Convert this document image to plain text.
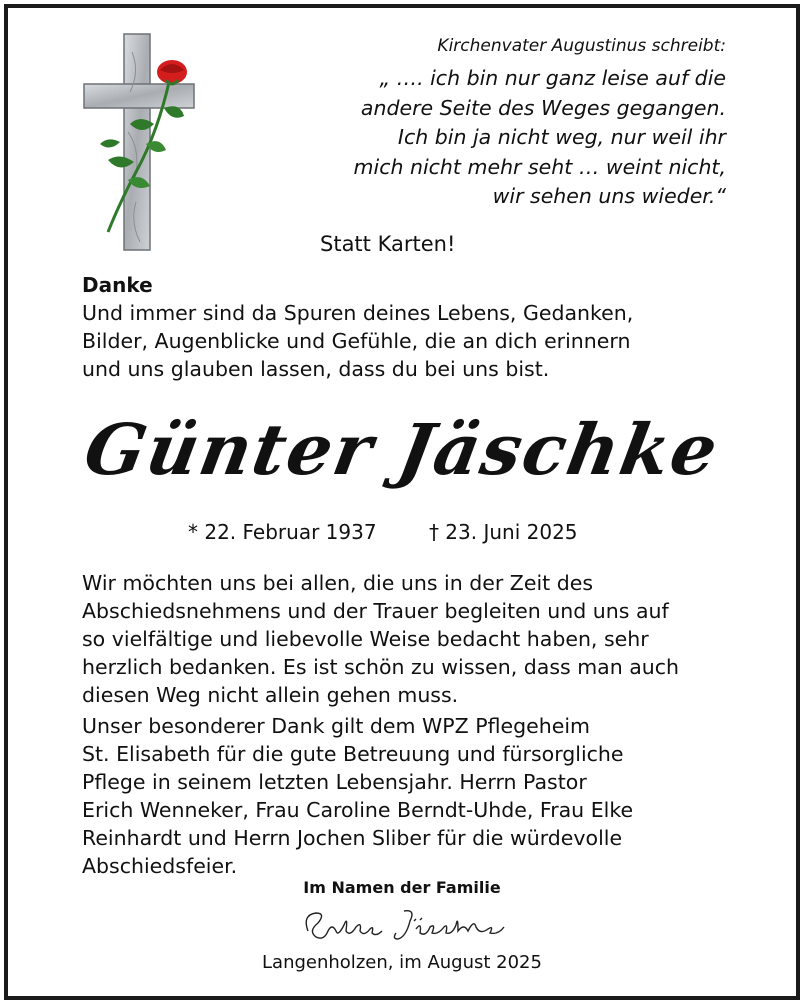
Kirchenvater Augustinus schreibt:
„ …. ich bin nur ganz leise auf die
andere Seite des Weges gegangen.
Ich bin ja nicht weg, nur weil ihr
mich nicht mehr seht … weint nicht,
wir sehen uns wieder.“
Statt Karten!
Danke
Und immer sind da Spuren deines Lebens, Gedanken,
Bilder, Augenblicke und Gefühle, die an dich erinnern
und uns glauben lassen, dass du bei uns bist.
Günter Jäschke
* 22. Februar 1937	† 23. Juni 2025
Wir möchten uns bei allen, die uns in der Zeit des
Abschiedsnehmens und der Trauer begleiten und uns auf
so vielfältige und liebevolle Weise bedacht haben, sehr
herzlich bedanken. Es ist schön zu wissen, dass man auch
diesen Weg nicht allein gehen muss.
Unser besonderer Dank gilt dem WPZ Pflegeheim
St. Elisabeth für die gute Betreuung und fürsorgliche
Pflege in seinem letzten Lebensjahr. Herrn Pastor
Erich Wenneker, Frau Caroline Berndt-Uhde, Frau Elke
Reinhardt und Herrn Jochen Sliber für die würdevolle
Abschiedsfeier.
Im Namen der Familie
Langenholzen, im August 2025
